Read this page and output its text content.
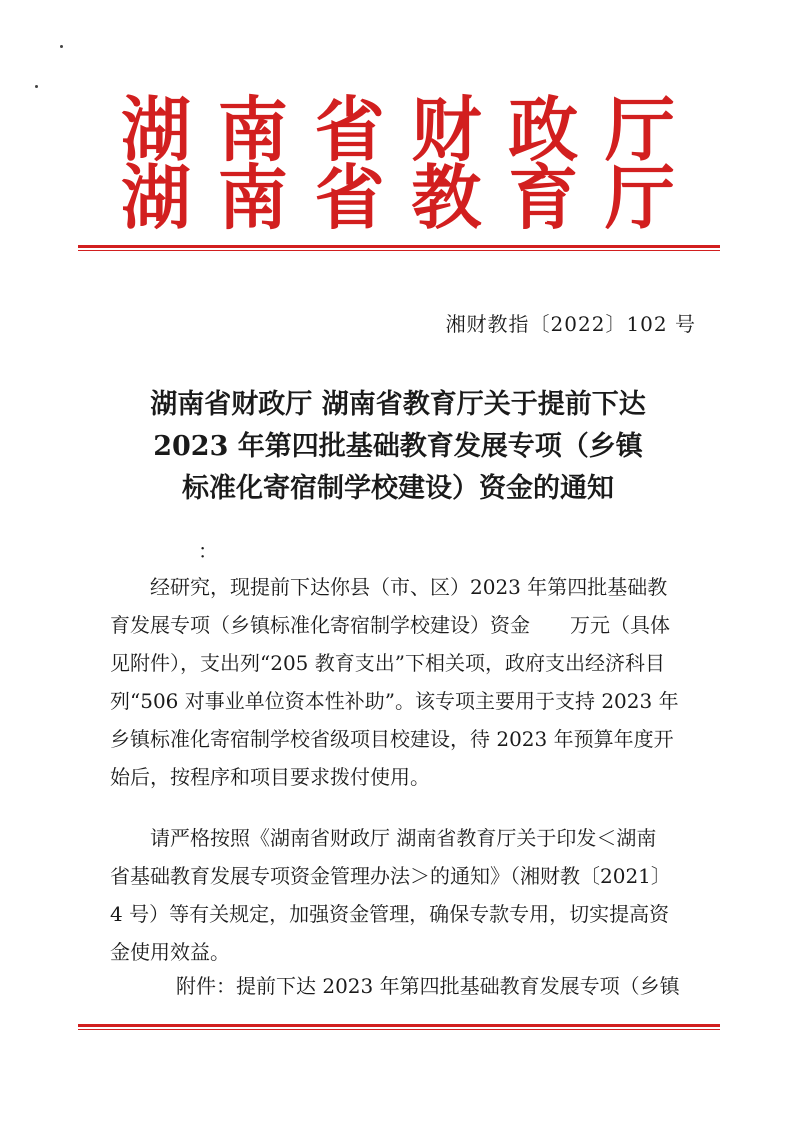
湖 南 省 财 政 厅
湖 南 省 教 育 厅
湘财教指〔2022〕102 号
湖南省财政厅 湖南省教育厅关于提前下达
2023 年第四批基础教育发展专项（乡镇
标准化寄宿制学校建设）资金的通知
：
　　经研究，现提前下达你县（市、区）2023 年第四批基础教
育发展专项（乡镇标准化寄宿制学校建设）资金　　万元（具体
见附件），支出列“205 教育支出”下相关项，政府支出经济科目
列“506 对事业单位资本性补助”。该专项主要用于支持 2023 年
乡镇标准化寄宿制学校省级项目校建设，待 2023 年预算年度开
始后，按程序和项目要求拨付使用。
　　请严格按照《湖南省财政厅 湖南省教育厅关于印发＜湖南
省基础教育发展专项资金管理办法＞的通知》（湘财教〔2021〕
4 号）等有关规定，加强资金管理，确保专款专用，切实提高资
金使用效益。
附件：提前下达 2023 年第四批基础教育发展专项（乡镇
